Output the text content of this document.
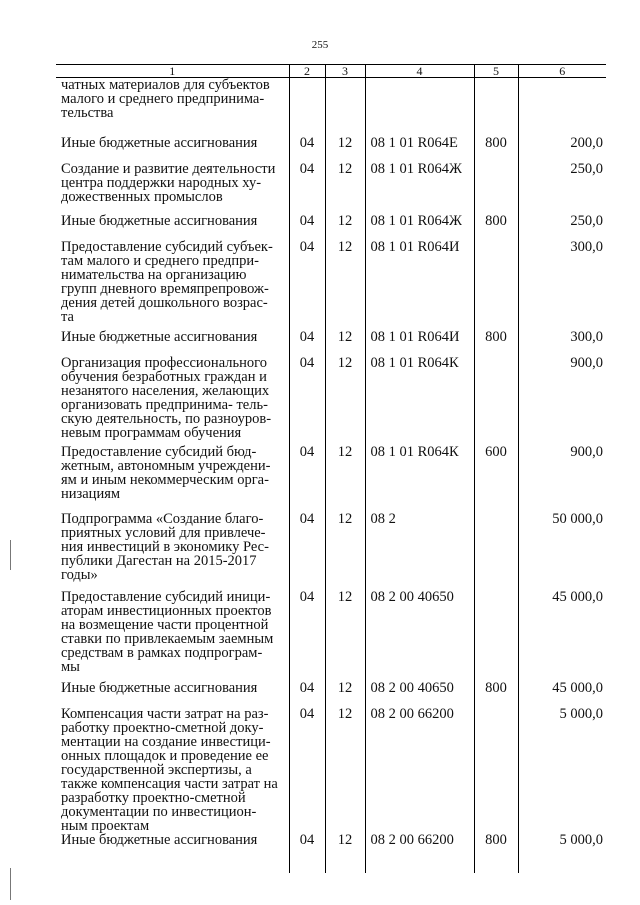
255
1	2	3	4	5	6
чатных материалов для субъектов малого и среднего предпринима- тельства					
Иные бюджетные ассигнования	04	12	08 1 01 R064Е	800	200,0
Создание и развитие деятельности центра поддержки народных ху- дожественных промыслов	04	12	08 1 01 R064Ж		250,0
Иные бюджетные ассигнования	04	12	08 1 01 R064Ж	800	250,0
Предоставление субсидий субъек- там малого и среднего предпри- нимательства на организацию групп дневного времяпрепровож- дения детей дошкольного возрас- та	04	12	08 1 01 R064И		300,0
Иные бюджетные ассигнования	04	12	08 1 01 R064И	800	300,0
Организация профессионального обучения безработных граждан и незанятого населения, желающих организовать предпринима- тель- скую деятельность, по разноуров- невым программам обучения	04	12	08 1 01 R064К		900,0
Предоставление субсидий бюд- жетным, автономным учреждени- ям и иным некоммерческим орга- низациям	04	12	08 1 01 R064К	600	900,0
Подпрограмма «Создание благо- приятных условий для привлече- ния инвестиций в экономику Рес- публики Дагестан на 2015-2017 годы»	04	12	08 2		50 000,0
Предоставление субсидий иници- аторам инвестиционных проектов на возмещение части процентной ставки по привлекаемым заемным средствам в рамках подпрограм- мы	04	12	08 2 00 40650		45 000,0
Иные бюджетные ассигнования	04	12	08 2 00 40650	800	45 000,0
Компенсация части затрат на раз- работку проектно-сметной доку- ментации на создание инвестици- онных площадок и проведение ее государственной экспертизы, а также компенсация части затрат на разработку проектно-сметной документации по инвестицион- ным проектам	04	12	08 2 00 66200		5 000,0
Иные бюджетные ассигнования	04	12	08 2 00 66200	800	5 000,0
